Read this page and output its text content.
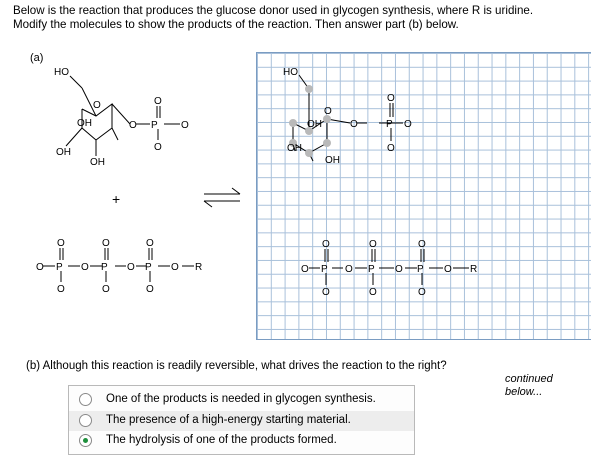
Below is the reaction that produces the glucose donor used in glycogen synthesis, where R is uridine.
Modify the molecules to show the products of the reaction. Then answer part (b) below.
(a)
HO
OH
OH
OH
O
O P
O
O
O
+
O P O P O P O R
O	O	O
O	O	O
HO
OH
OH
OH
O
O	P
O
O
O
O P O P O P O R
O	O	O
O	O	O
(b) Although this reaction is readily reversible, what drives the reaction to the right?
continued below...
One of the products is needed in glycogen synthesis.
The presence of a high-energy starting material.
The hydrolysis of one of the products formed.
